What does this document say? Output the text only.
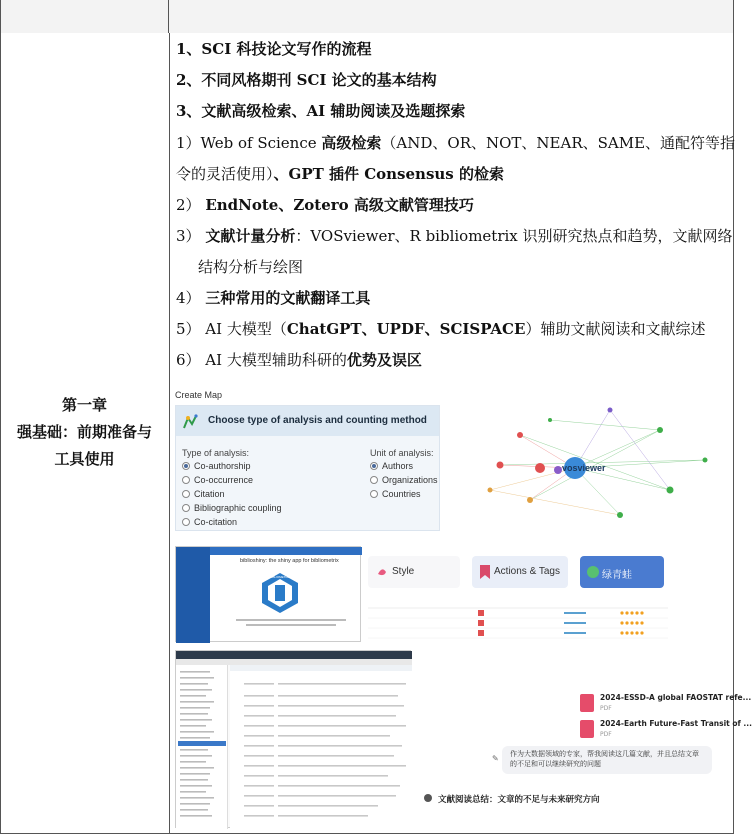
第一章
强基础：前期准备与
工具使用
1、SCI 科技论文写作的流程
2、不同风格期刊 SCI 论文的基本结构
3、文献高级检索、AI 辅助阅读及选题探索
1）Web of Science 高级检索（AND、OR、NOT、NEAR、SAME、通配符等指
令的灵活使用）、GPT 插件 Consensus 的检索
2） EndNote、Zotero 高级文献管理技巧
3） 文献计量分析：VOSviewer、R bibliometrix 识别研究热点和趋势，文献网络
结构分析与绘图
4） 三种常用的文献翻译工具
5） AI 大模型（ChatGPT、UPDF、SCISPACE）辅助文献阅读和文献综述
6） AI 大模型辅助科研的优势及误区
Create Map
Choose type of analysis and counting method
Type of analysis:	Unit of analysis:
Co-authorship
Co-occurrence
Citation
Bibliographic coupling
Co-citation
Authors
Organizations
Countries
vosviewer
biblioshiny: the shiny app for bibliometrix
BIBLIOMETRIX	Style	Actions & Tags	绿青蛙
2024-ESSD-A global FAOSTAT refe...
PDF
2024-Earth Future-Fast Transit of ...
PDF
✎	作为大数据领域的专家，帮我阅读这几篇文献，并且总结文章的不足和可以继续研究的问题
文献阅读总结：文章的不足与未来研究方向
